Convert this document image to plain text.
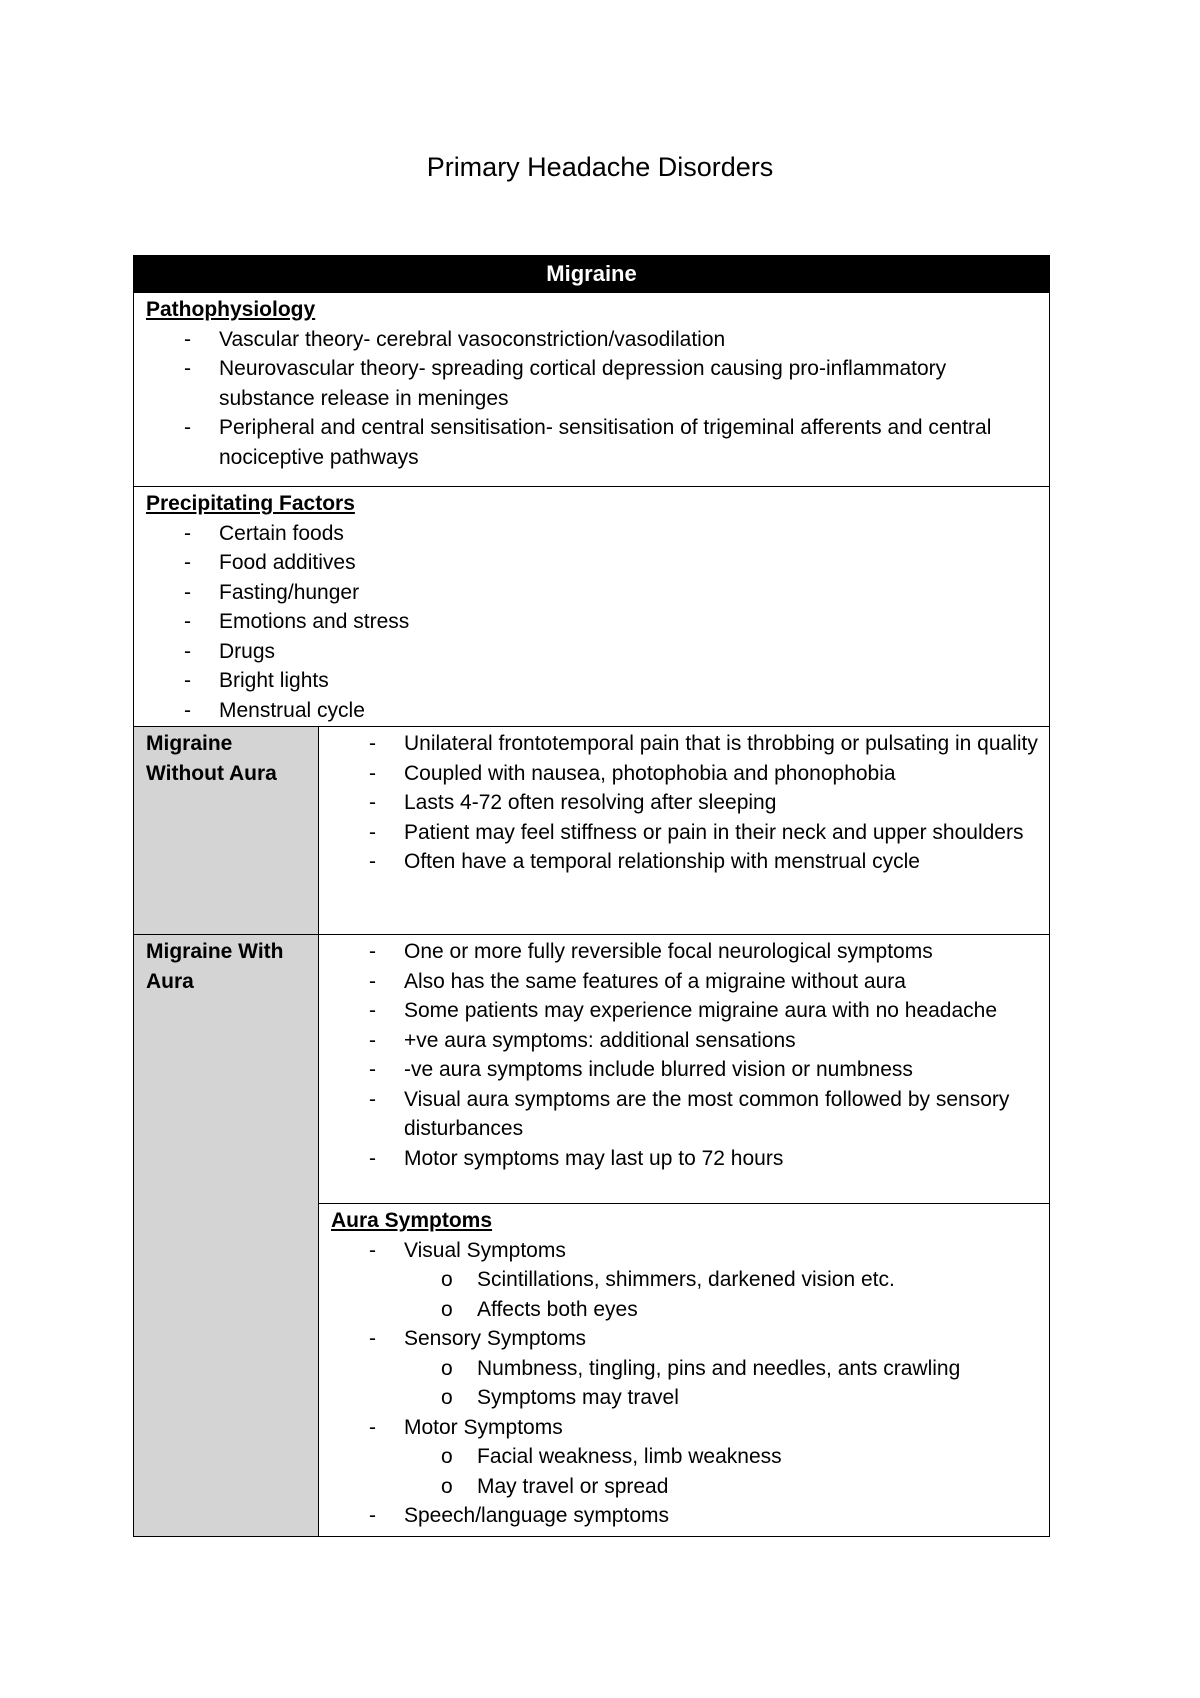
Primary Headache Disorders
Migraine
Pathophysiology
- Vascular theory- cerebral vasoconstriction/vasodilation
- Neurovascular theory- spreading cortical depression causing pro-inflammatory substance release in meninges
- Peripheral and central sensitisation- sensitisation of trigeminal afferents and central nociceptive pathways
Precipitating Factors
- Certain foods
- Food additives
- Fasting/hunger
- Emotions and stress
- Drugs
- Bright lights
- Menstrual cycle
Migraine Without Aura
- Unilateral frontotemporal pain that is throbbing or pulsating in quality
- Coupled with nausea, photophobia and phonophobia
- Lasts 4-72 often resolving after sleeping
- Patient may feel stiffness or pain in their neck and upper shoulders
- Often have a temporal relationship with menstrual cycle
Migraine With Aura
- One or more fully reversible focal neurological symptoms
- Also has the same features of a migraine without aura
- Some patients may experience migraine aura with no headache
- +ve aura symptoms: additional sensations
- -ve aura symptoms include blurred vision or numbness
- Visual aura symptoms are the most common followed by sensory disturbances
- Motor symptoms may last up to 72 hours
Aura Symptoms
- Visual Symptoms
o Scintillations, shimmers, darkened vision etc.
o Affects both eyes
- Sensory Symptoms
o Numbness, tingling, pins and needles, ants crawling
o Symptoms may travel
- Motor Symptoms
o Facial weakness, limb weakness
o May travel or spread
- Speech/language symptoms
